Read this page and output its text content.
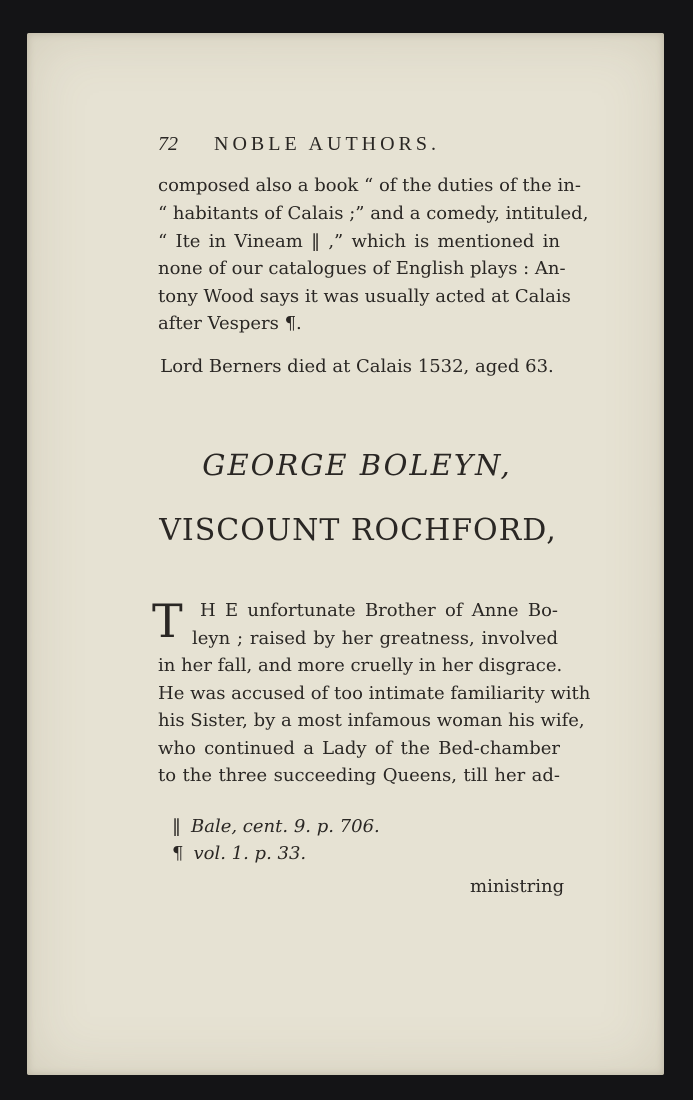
72 NOBLE AUTHORS.
composed also a book “ of the duties of the in-
“ habitants of Calais ;” and a comedy, intituled,
“ Ite in Vineam ‖ ,” which is mentioned in
none of our catalogues of English plays : An-
tony Wood says it was usually acted at Calais
after Vespers ¶.
Lord Berners died at Calais 1532, aged 63.
GEORGE BOLEYN,
VISCOUNT ROCHFORD,
T H E unfortunate Brother of Anne Bo-
leyn ; raised by her greatness, involved
in her fall, and more cruelly in her disgrace.
He was accused of too intimate familiarity with
his Sister, by a most infamous woman his wife,
who continued a Lady of the Bed-chamber
to the three succeeding Queens, till her ad-
‖ Bale, cent. 9. p. 706.
¶ vol. 1. p. 33.
ministring
